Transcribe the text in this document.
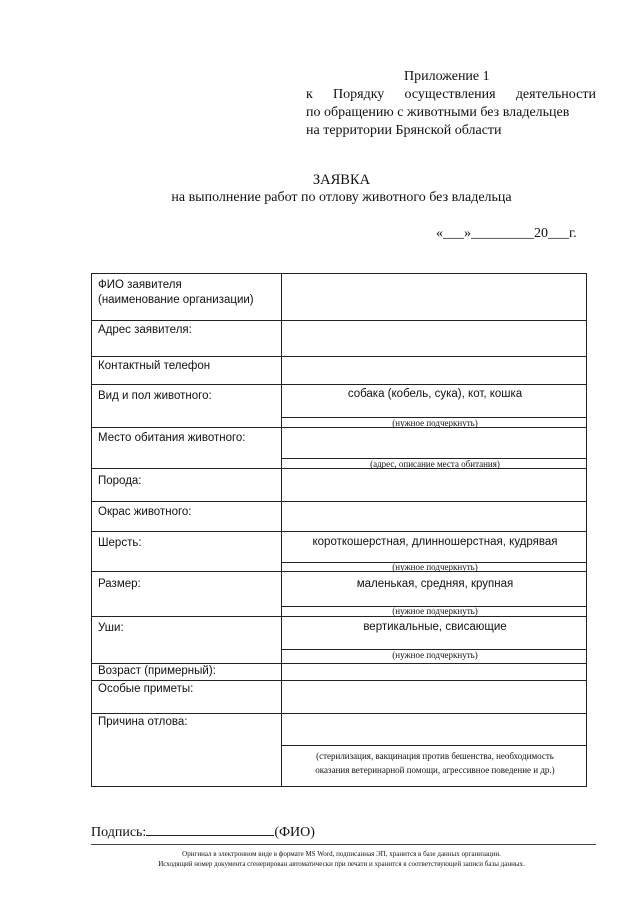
Приложение 1
к Порядку осуществления деятельности
по обращению с животными без владельцев
на территории Брянской области
ЗАЯВКА
на выполнение работ по отлову животного без владельца
«___»_________20___г.
ФИО заявителя
(наименование организации)
Адрес заявителя:
Контактный телефон
Вид и пол животного:
Место обитания животного:
Порода:
Окрас животного:
Шерсть:
Размер:
Уши:
Возраст (примерный):
Особые приметы:
Причина отлова:
собака (кобель, сука), кот, кошка
(нужное подчеркнуть)
(адрес, описание места обитания)
короткошерстная, длинношерстная, кудрявая
(нужное подчеркнуть)
маленькая, средняя, крупная
(нужное подчеркнуть)
вертикальные, свисающие
(нужное подчеркнуть)
(стерилизация, вакцинация против бешенства, необходимость
оказания ветеринарной помощи, агрессивное поведение и др.)
Подпись:	(ФИО)
Оригинал в электронном виде в формате MS Word, подписанная ЭП, хранится в базе данных организации.
Исходящий номер документа сгенерирован автоматически при печати и хранится в соответствующей записи базы данных.
